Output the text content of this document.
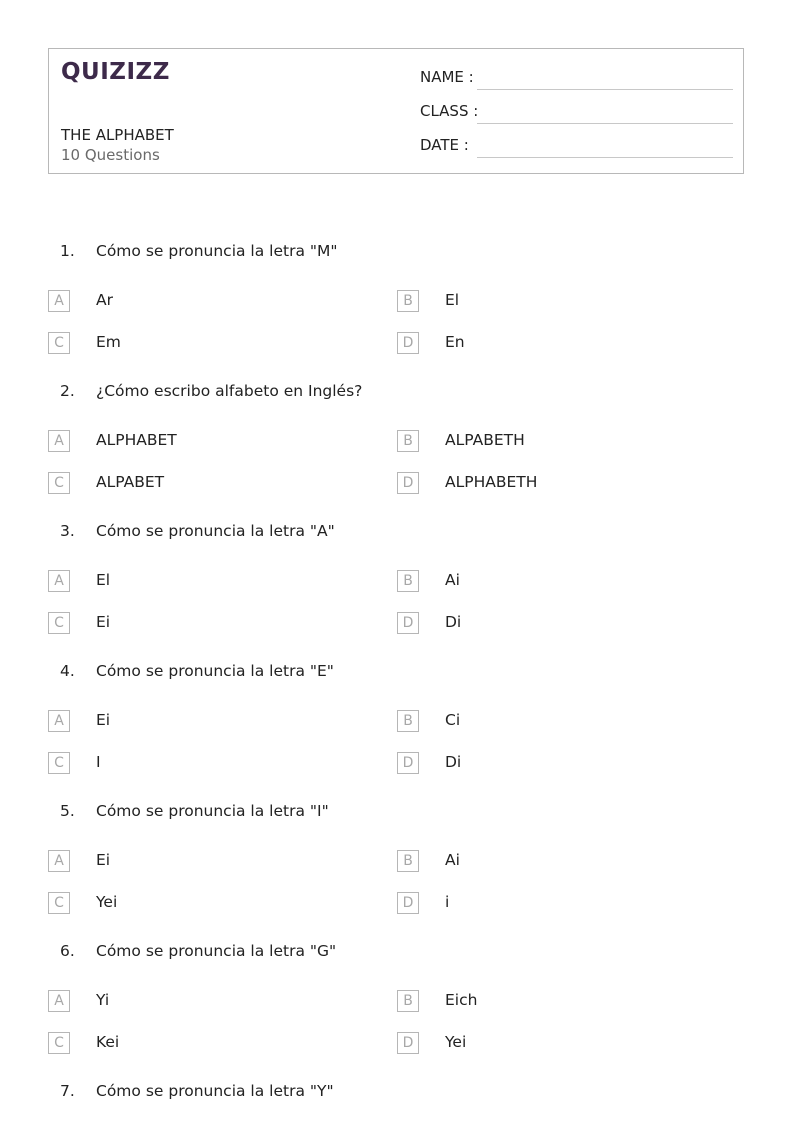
QUIZIZZ
THE ALPHABET
10 Questions
NAME :
CLASS :
DATE :
1. Cómo se pronuncia la letra "M"
A	Ar	B	El
C	Em	D	En
2. ¿Cómo escribo alfabeto en Inglés?
A	ALPHABET	B	ALPABETH
C	ALPABET	D	ALPHABETH
3. Cómo se pronuncia la letra "A"
A	El	B	Ai
C	Ei	D	Di
4. Cómo se pronuncia la letra "E"
A	Ei	B	Ci
C	I	D	Di
5. Cómo se pronuncia la letra "I"
A	Ei	B	Ai
C	Yei	D	i
6. Cómo se pronuncia la letra "G"
A	Yi	B	Eich
C	Kei	D	Yei
7. Cómo se pronuncia la letra "Y"
